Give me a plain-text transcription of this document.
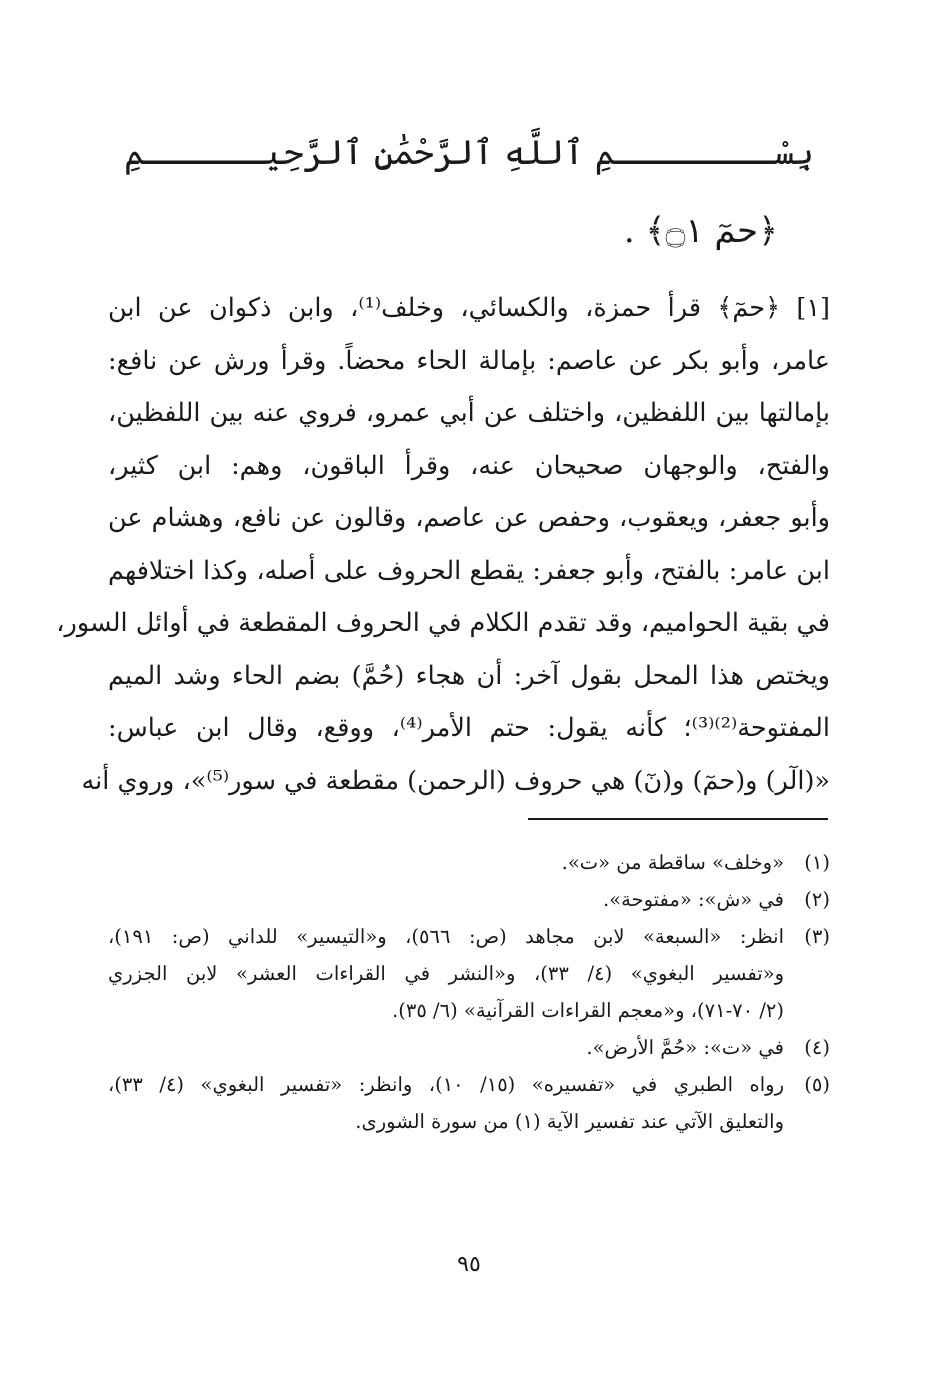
بِسْــــــــمِ ٱللَّهِ ٱلرَّحْمَٰنِ ٱلرَّحِيــــــمِ
﴿حمٓ ۝١﴾ .
[١] ﴿حمٓ﴾ قرأ حمزة، والكسائي، وخلف⁽¹⁾، وابن ذكوان عن ابن
عامر، وأبو بكر عن عاصم: بإمالة الحاء محضاً. وقرأ ورش عن نافع:
بإمالتها بين اللفظين، واختلف عن أبي عمرو، فروي عنه بين اللفظين،
والفتح، والوجهان صحيحان عنه، وقرأ الباقون، وهم: ابن كثير،
وأبو جعفر، ويعقوب، وحفص عن عاصم، وقالون عن نافع، وهشام عن
ابن عامر: بالفتح، وأبو جعفر: يقطع الحروف على أصله، وكذا اختلافهم
في بقية الحواميم، وقد تقدم الكلام في الحروف المقطعة في أوائل السور،
ويختص هذا المحل بقول آخر: أن هجاء (حُمَّ) بضم الحاء وشد الميم
المفتوحة⁽²⁾⁽³⁾؛ كأنه يقول: حتم الأمر⁽⁴⁾، ووقع، وقال ابن عباس:
«(الٓر) و(حمٓ) و(نٓ) هي حروف (الرحمن) مقطعة في سور⁽⁵⁾»، وروي أنه
(١)
«وخلف» ساقطة من «ت».
(٢)
في «ش»: «مفتوحة».
(٣)
انظر: «السبعة» لابن مجاهد (ص: ٥٦٦)، و«التيسير» للداني (ص: ١٩١)،
و«تفسير البغوي» (٤/ ٣٣)، و«النشر في القراءات العشر» لابن الجزري
(٢/ ٧٠-٧١)، و«معجم القراءات القرآنية» (٦/ ٣٥).
(٤)
في «ت»: «حُمَّ الأرض».
(٥)
رواه الطبري في «تفسيره» (١٥/ ١٠)، وانظر: «تفسير البغوي» (٤/ ٣٣)،
والتعليق الآتي عند تفسير الآية (١) من سورة الشورى.
٩٥
